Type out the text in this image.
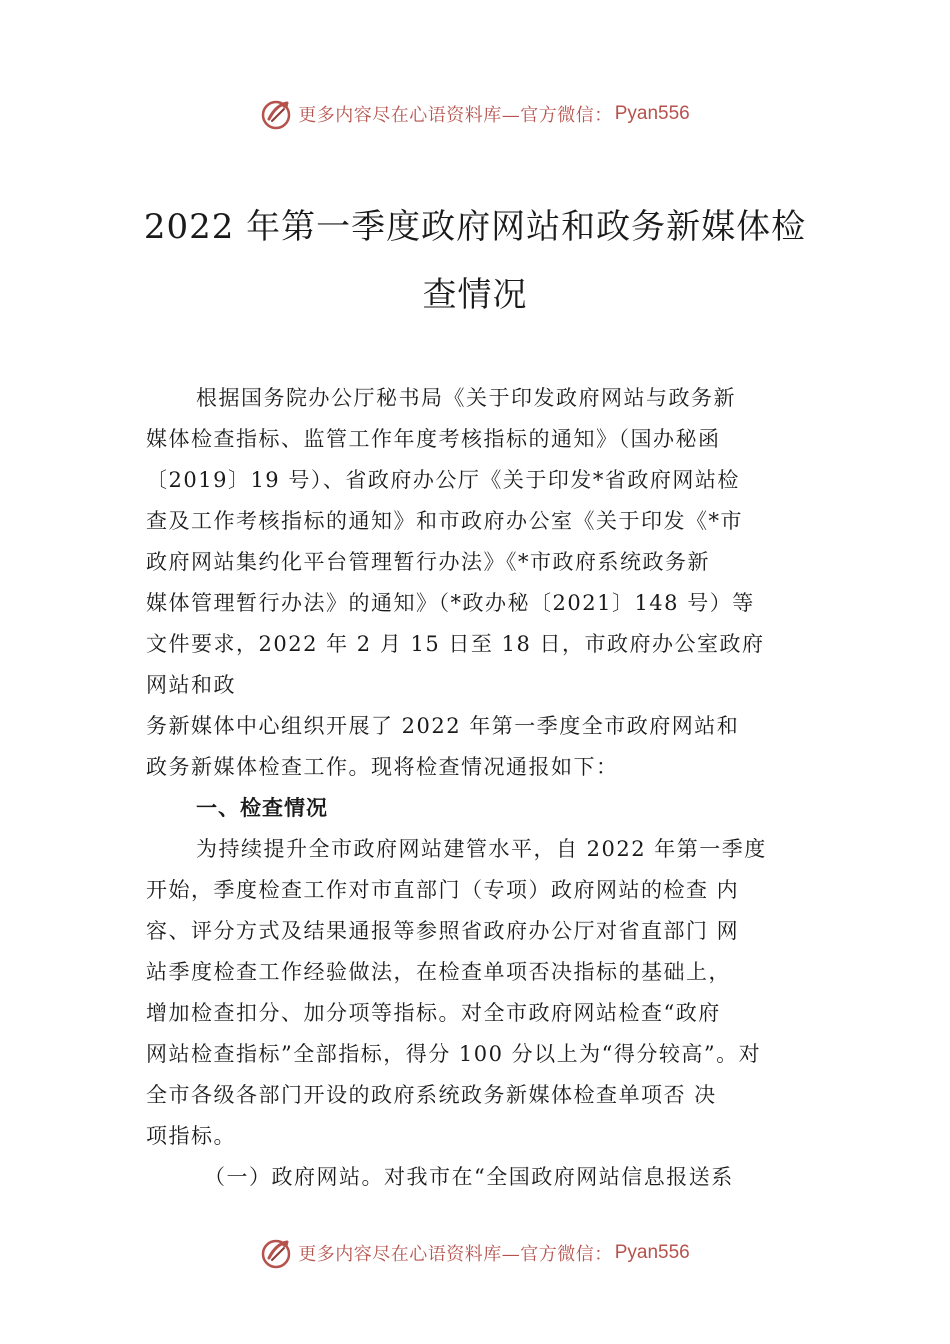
更多内容尽在心语资料库—官方微信： Pyan556
2022 年第一季度政府网站和政务新媒体检
查情况
根据国务院办公厅秘书局《关于印发政府网站与政务新
媒体检查指标、监管工作年度考核指标的通知》（国办秘函
〔2019〕19 号）、省政府办公厅《关于印发*省政府网站检
查及工作考核指标的通知》和市政府办公室《关于印发《*市
政府网站集约化平台管理暂行办法》《*市政府系统政务新
媒体管理暂行办法》的通知》（*政办秘〔2021〕148 号）等
文件要求，2022 年 2 月 15 日至 18 日，市政府办公室政府
网站和政
务新媒体中心组织开展了 2022 年第一季度全市政府网站和
政务新媒体检查工作。现将检查情况通报如下：
一、检查情况
为持续提升全市政府网站建管水平，自 2022 年第一季度
开始，季度检查工作对市直部门（专项）政府网站的检查 内
容、评分方式及结果通报等参照省政府办公厅对省直部门 网
站季度检查工作经验做法，在检查单项否决指标的基础上，
增加检查扣分、加分项等指标。对全市政府网站检查“政府
网站检查指标”全部指标，得分 100 分以上为“得分较高”。对
全市各级各部门开设的政府系统政务新媒体检查单项否 决
项指标。
（一）政府网站。对我市在“全国政府网站信息报送系
更多内容尽在心语资料库—官方微信： Pyan556
